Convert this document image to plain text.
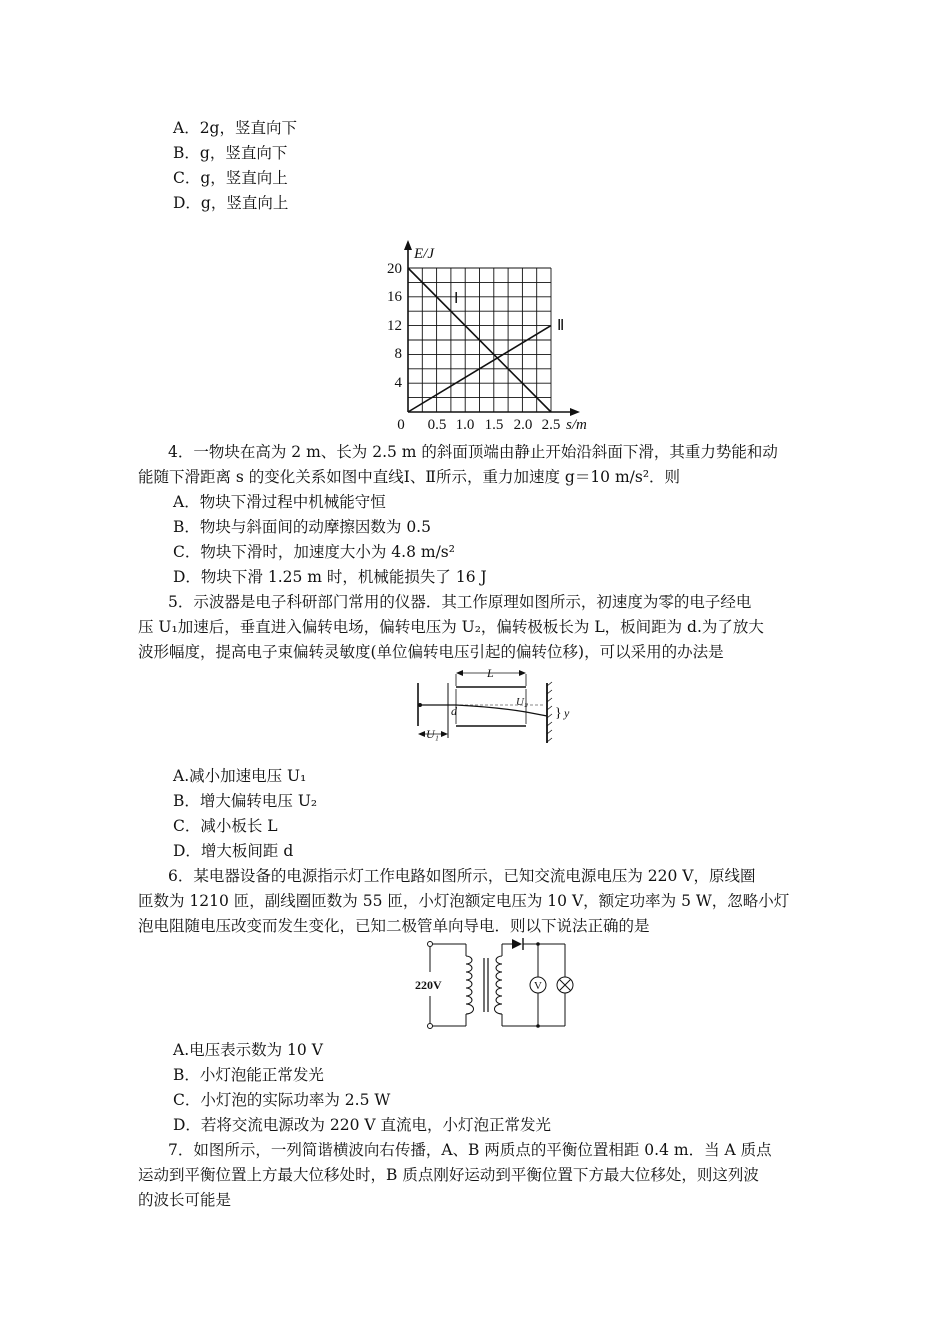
A．2g，竖直向下
B．g，竖直向下
C．g，竖直向上
D．g，竖直向上
E/J
s/m
0
20
16
12
8
4
0.5 1.0 1.5 2.0 2.5
Ⅰ
Ⅱ
4．一物块在高为 2 m、长为 2.5 m 的斜面顶端由静止开始沿斜面下滑，其重力势能和动
能随下滑距离 s 的变化关系如图中直线Ⅰ、Ⅱ所示，重力加速度 g＝10 m/s²．则
A．物块下滑过程中机械能守恒
B．物块与斜面间的动摩擦因数为 0.5
C．物块下滑时，加速度大小为 4.8 m/s²
D．物块下滑 1.25 m 时，机械能损失了 16 J
5．示波器是电子科研部门常用的仪器．其工作原理如图所示，初速度为零的电子经电
压 U₁加速后，垂直进入偏转电场，偏转电压为 U₂，偏转极板长为 L，板间距为 d.为了放大
波形幅度，提高电子束偏转灵敏度(单位偏转电压引起的偏转位移)，可以采用的办法是
L
d
U₂
} y
U₁
A.减小加速电压 U₁
B．增大偏转电压 U₂
C．减小板长 L
D．增大板间距 d
6．某电器设备的电源指示灯工作电路如图所示，已知交流电源电压为 220 V，原线圈
匝数为 1210 匝，副线圈匝数为 55 匝，小灯泡额定电压为 10 V，额定功率为 5 W，忽略小灯
泡电阻随电压改变而发生变化，已知二极管单向导电．则以下说法正确的是
220V	V
A.电压表示数为 10 V
B．小灯泡能正常发光
C．小灯泡的实际功率为 2.5 W
D．若将交流电源改为 220 V 直流电，小灯泡正常发光
7．如图所示，一列简谐横波向右传播，A、B 两质点的平衡位置相距 0.4 m．当 A 质点
运动到平衡位置上方最大位移处时，B 质点刚好运动到平衡位置下方最大位移处，则这列波
的波长可能是
